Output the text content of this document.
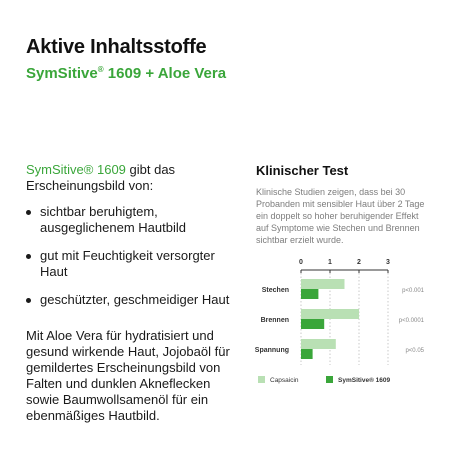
Aktive Inhaltsstoffe
SymSitive® 1609 + Aloe Vera
SymSitive® 1609 gibt das Erscheinungsbild von:
sichtbar beruhigtem, ausgeglichenem Hautbild
gut mit Feuchtigkeit versorgter Haut
geschützter, geschmeidiger Haut
Mit Aloe Vera für hydratisiert und gesund wirkende Haut, Jojobaöl für gemildertes Erscheinungsbild von Falten und dunklen Akneflecken sowie Baumwollsamenöl für ein ebenmäßiges Hautbild.
Klinischer Test
Klinische Studien zeigen, dass bei 30 Probanden mit sensibler Haut über 2 Tage ein doppelt so hoher beruhigender Effekt auf Symptome wie Stechen und Brennen sichtbar erzielt wurde.
0	1	2	3
Stechen	p<0.001
Brennen	p<0.0001
Spannung	p<0.05
Capsaicin	SymSitive® 1609
